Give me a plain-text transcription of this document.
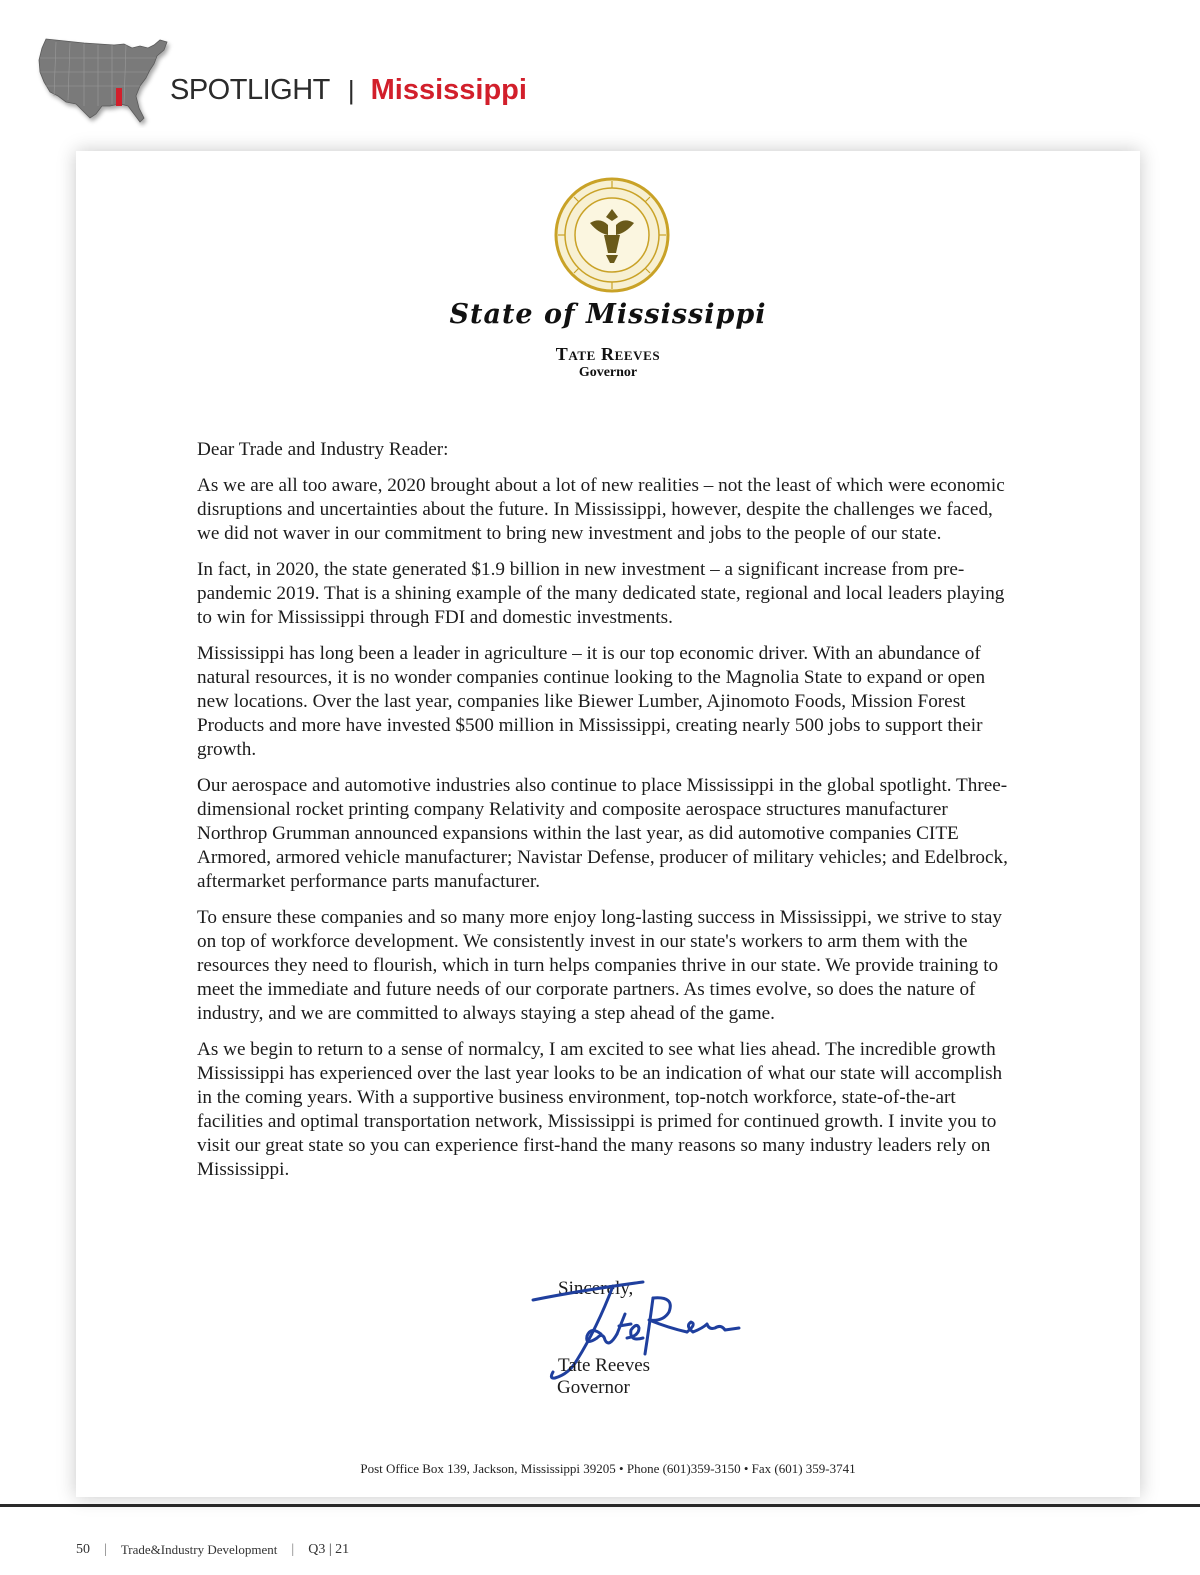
SPOTLIGHT | Mississippi
State of Mississippi
Tate Reeves
Governor

Dear Trade and Industry Reader:

As we are all too aware, 2020 brought about a lot of new realities – not the least of which were economic disruptions and uncertainties about the future. In Mississippi, however, despite the challenges we faced, we did not waver in our commitment to bring new investment and jobs to the people of our state.

In fact, in 2020, the state generated $1.9 billion in new investment – a significant increase from pre-pandemic 2019. That is a shining example of the many dedicated state, regional and local leaders playing to win for Mississippi through FDI and domestic investments.

Mississippi has long been a leader in agriculture – it is our top economic driver. With an abundance of natural resources, it is no wonder companies continue looking to the Magnolia State to expand or open new locations. Over the last year, companies like Biewer Lumber, Ajinomoto Foods, Mission Forest Products and more have invested $500 million in Mississippi, creating nearly 500 jobs to support their growth.

Our aerospace and automotive industries also continue to place Mississippi in the global spotlight. Three-dimensional rocket printing company Relativity and composite aerospace structures manufacturer Northrop Grumman announced expansions within the last year, as did automotive companies CITE Armored, armored vehicle manufacturer; Navistar Defense, producer of military vehicles; and Edelbrock, aftermarket performance parts manufacturer.

To ensure these companies and so many more enjoy long-lasting success in Mississippi, we strive to stay on top of workforce development. We consistently invest in our state's workers to arm them with the resources they need to flourish, which in turn helps companies thrive in our state. We provide training to meet the immediate and future needs of our corporate partners. As times evolve, so does the nature of industry, and we are committed to always staying a step ahead of the game.

As we begin to return to a sense of normalcy, I am excited to see what lies ahead. The incredible growth Mississippi has experienced over the last year looks to be an indication of what our state will accomplish in the coming years. With a supportive business environment, top-notch workforce, state-of-the-art facilities and optimal transportation network, Mississippi is primed for continued growth. I invite you to visit our great state so you can experience first-hand the many reasons so many industry leaders rely on Mississippi.

Sincerely,
Tate Reeves
Governor
Post Office Box 139, Jackson, Mississippi 39205 • Phone (601)359-3150 • Fax (601) 359-3741
50 | Trade&Industry Development | Q3 | 21
